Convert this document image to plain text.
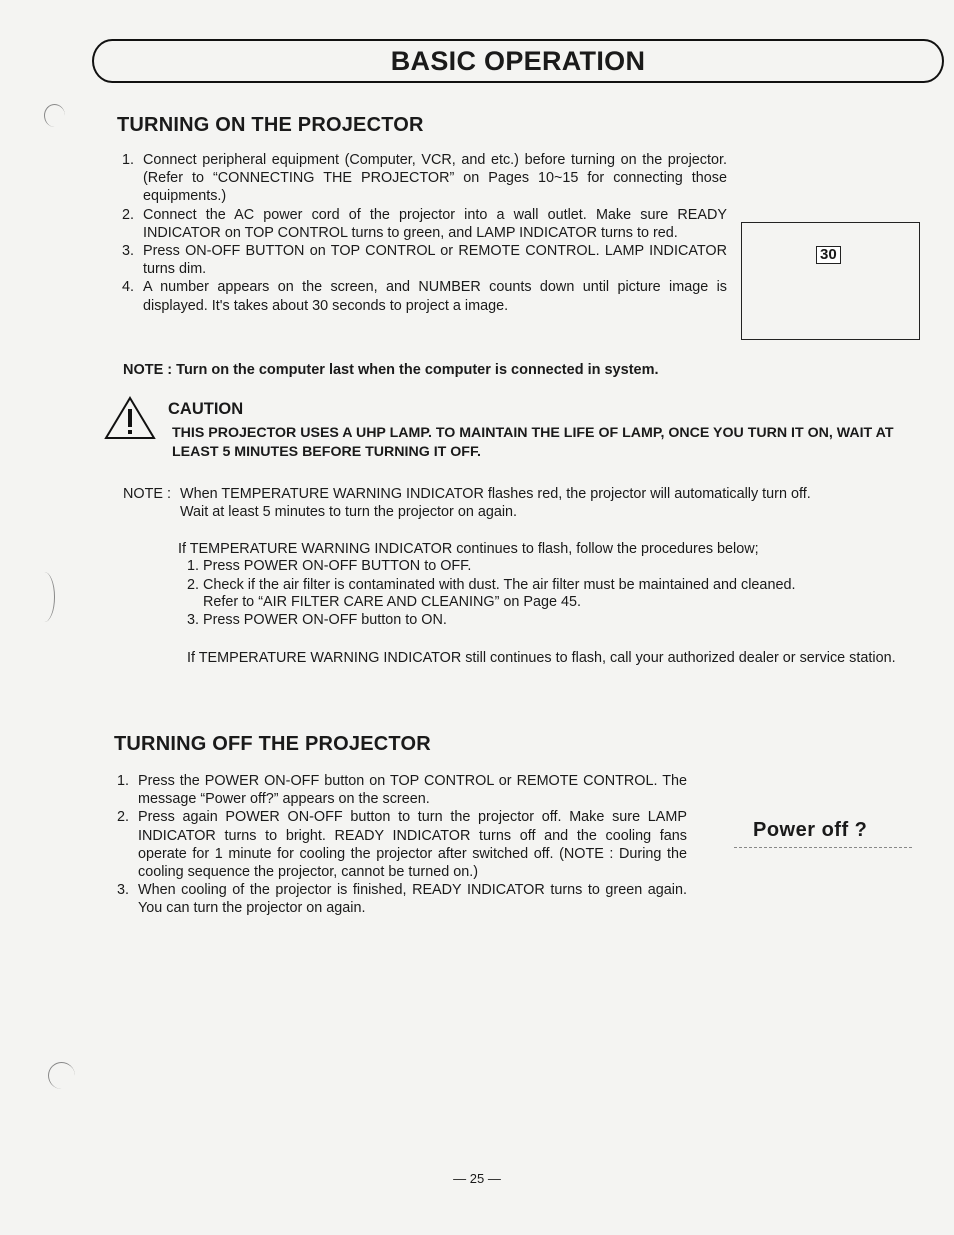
BASIC OPERATION
TURNING ON THE PROJECTOR
1. Connect peripheral equipment (Computer, VCR, and etc.) before turning on the projector. (Refer to “CONNECTING THE PROJECTOR” on Pages 10~15 for connecting those equipments.)
2. Connect the AC power cord of the projector into a wall outlet. Make sure READY INDICATOR on TOP CONTROL turns to green, and LAMP INDICATOR turns to red.
3. Press ON-OFF BUTTON on TOP CONTROL or REMOTE CONTROL. LAMP INDICATOR turns dim.
4. A number appears on the screen, and NUMBER counts down until picture image is displayed. It's takes about 30 seconds to project a image.
30
NOTE : Turn on the computer last when the computer is connected in system.
CAUTION
THIS PROJECTOR USES A UHP LAMP. TO MAINTAIN THE LIFE OF LAMP, ONCE YOU TURN IT ON, WAIT AT LEAST 5 MINUTES BEFORE TURNING IT OFF.
NOTE : When TEMPERATURE WARNING INDICATOR flashes red, the projector will automatically turn off.
Wait at least 5 minutes to turn the projector on again.
If TEMPERATURE WARNING INDICATOR continues to flash, follow the procedures below;
1. Press POWER ON-OFF BUTTON to OFF.
2. Check if the air filter is contaminated with dust. The air filter must be maintained and cleaned.
Refer to “AIR FILTER CARE AND CLEANING” on Page 45.
3. Press POWER ON-OFF button to ON.
If TEMPERATURE WARNING INDICATOR still continues to flash, call your authorized dealer or service station.
TURNING OFF THE PROJECTOR
1. Press the POWER ON-OFF button on TOP CONTROL or REMOTE CONTROL. The message “Power off?” appears on the screen.
2. Press again POWER ON-OFF button to turn the projector off. Make sure LAMP INDICATOR turns to bright. READY INDICATOR turns off and the cooling fans operate for 1 minute for cooling the projector after switched off. (NOTE : During the cooling sequence the projector, cannot be turned on.)
3. When cooling of the projector is finished, READY INDICATOR turns to green again. You can turn the projector on again.
Power off ?
— 25 —
